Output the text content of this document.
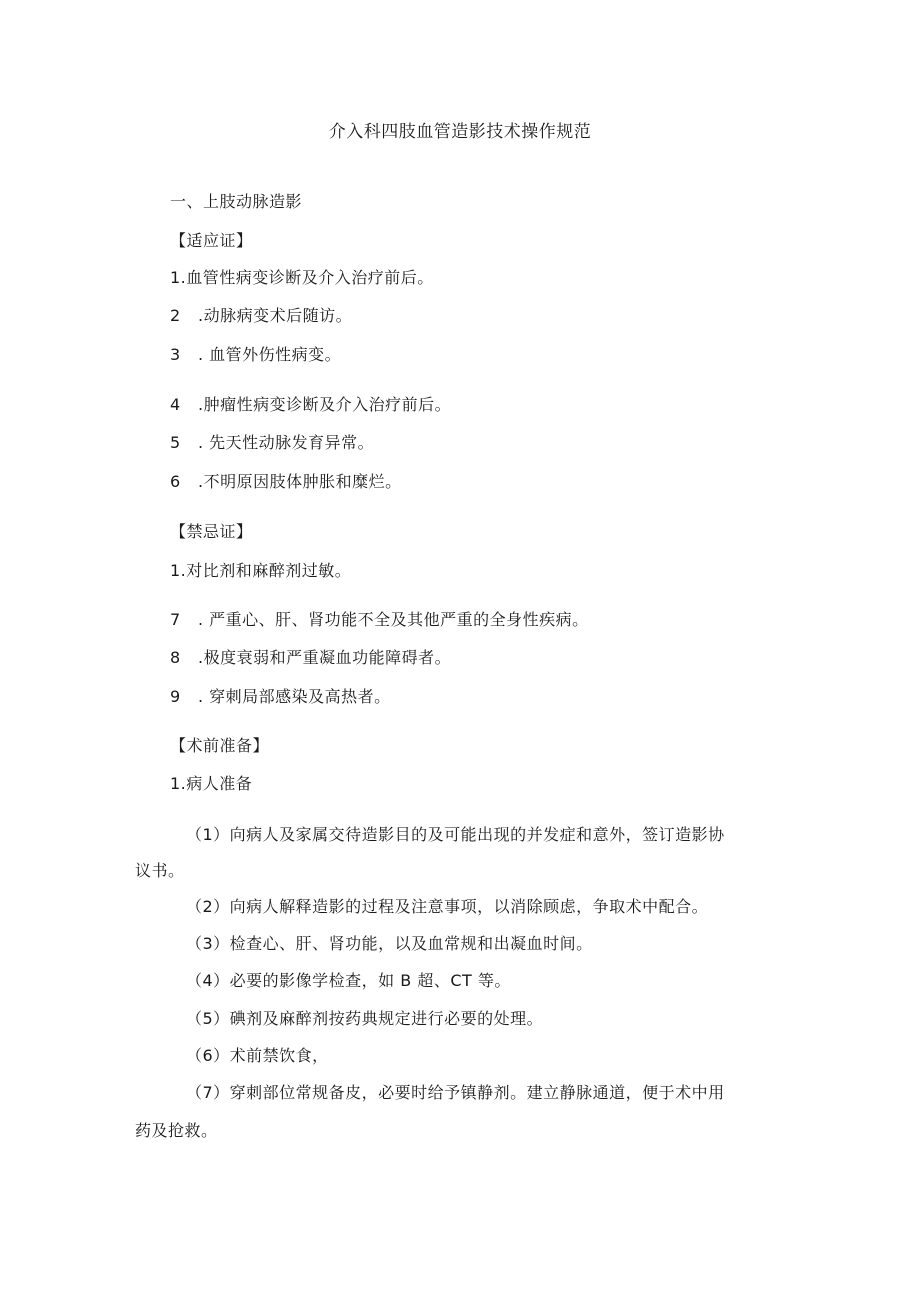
介入科四肢血管造影技术操作规范
一、上肢动脉造影
【适应证】
1.血管性病变诊断及介入治疗前后。
2 .动脉病变术后随访。
3 . 血管外伤性病变。
4 .肿瘤性病变诊断及介入治疗前后。
5 . 先天性动脉发育异常。
6 .不明原因肢体肿胀和糜烂。
【禁忌证】
1.对比剂和麻醉剂过敏。
7 . 严重心、肝、肾功能不全及其他严重的全身性疾病。
8 .极度衰弱和严重凝血功能障碍者。
9 . 穿刺局部感染及高热者。
【术前准备】
1.病人准备
（1）向病人及家属交待造影目的及可能出现的并发症和意外，签订造影协
议书。
（2）向病人解释造影的过程及注意事项，以消除顾虑，争取术中配合。
（3）检查心、肝、肾功能，以及血常规和出凝血时间。
（4）必要的影像学检查，如 B 超、CT 等。
（5）碘剂及麻醉剂按药典规定进行必要的处理。
（6）术前禁饮食，
（7）穿刺部位常规备皮，必要时给予镇静剂。建立静脉通道，便于术中用
药及抢救。
